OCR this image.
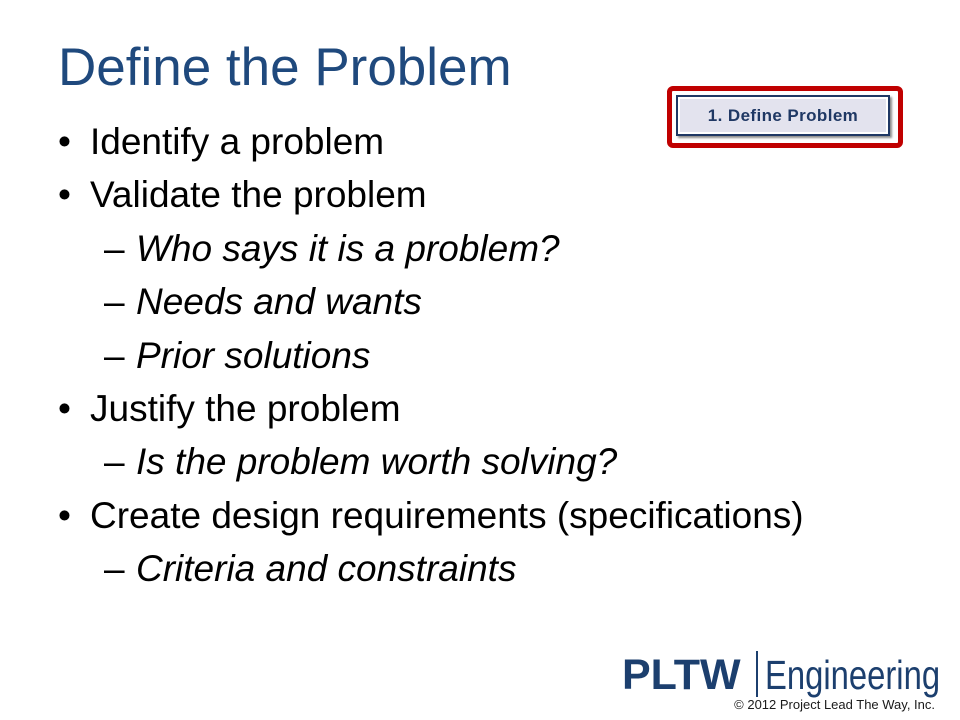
Define the Problem
1. Define Problem
• Identify a problem
• Validate the problem
– Who says it is a problem?
– Needs and wants
– Prior solutions
• Justify the problem
– Is the problem worth solving?
• Create design requirements (specifications)
– Criteria and constraints
PLTW Engineering
© 2012 Project Lead The Way, Inc.
